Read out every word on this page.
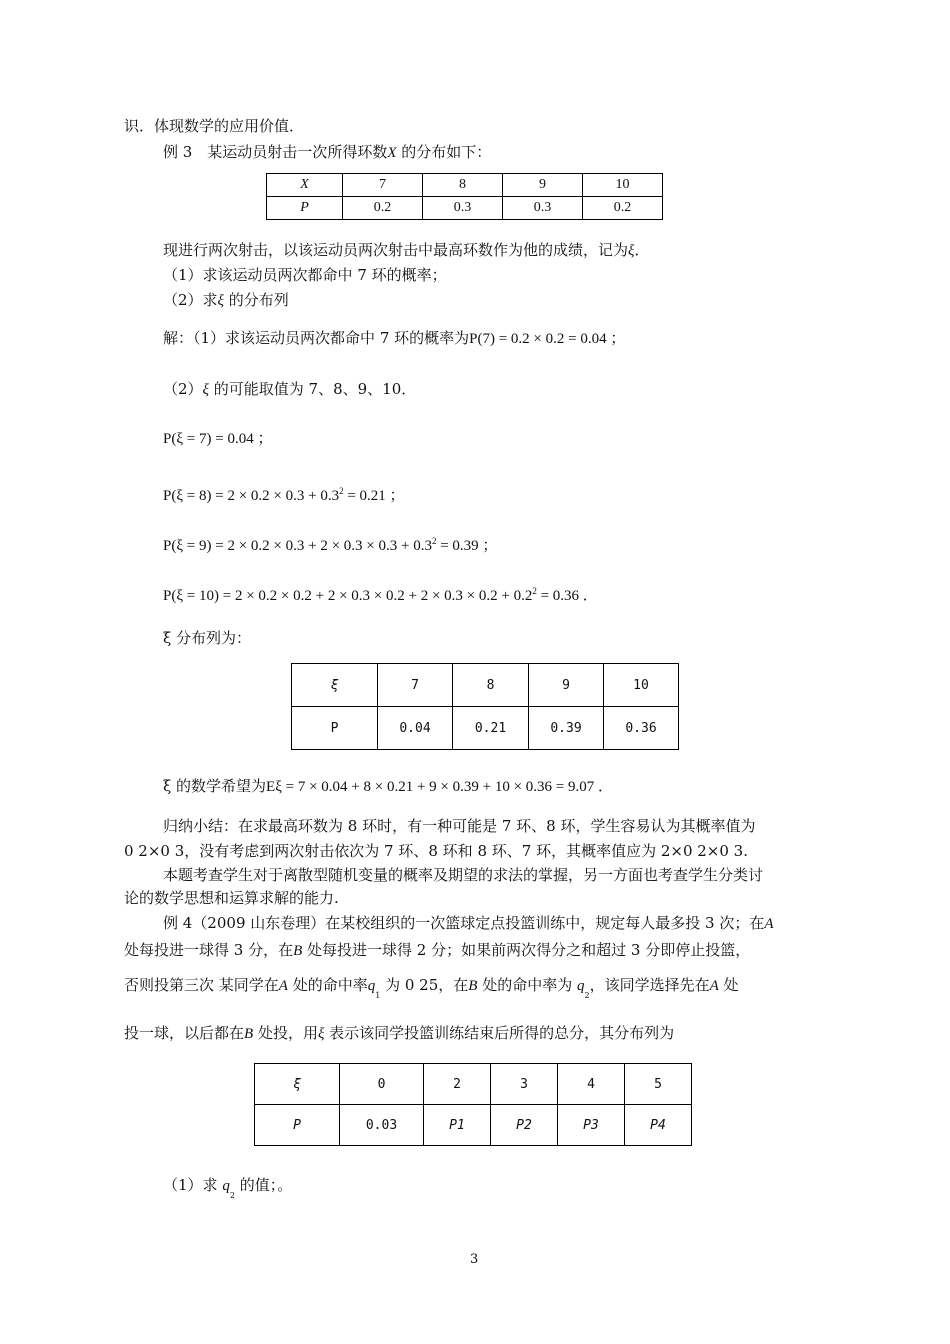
识．体现数学的应用价值．
例 3　某运动员射击一次所得环数X 的分布如下：
X	7	8	9	10
P	0.2	0.3	0.3	0.2
现进行两次射击，以该运动员两次射击中最高环数作为他的成绩，记为ξ．
（1）求该运动员两次都命中 7 环的概率；
（2）求ξ 的分布列
解：（1）求该运动员两次都命中 7 环的概率为P(7) = 0.2 × 0.2 = 0.04 ；
（2）ξ 的可能取值为 7、8、9、10．
P(ξ = 7) = 0.04 ；
$P(\xi = 8) = 2 \times 0.2 \times 0.3 + 0.3^2 = 0.21$ ；
$P(\xi = 9) = 2 \times 0.2 \times 0.3 + 2 \times 0.3 \times 0.3 + 0.3^2 = 0.39$ ；
$P(\xi = 10) = 2 \times 0.2 \times 0.2 + 2 \times 0.3 \times 0.2 + 2 \times 0.3 \times 0.2 + 0.2^2 = 0.36$ ．
ξ 分布列为：
ξ	7	8	9	10
P	0.04	0.21	0.39	0.36
ξ 的数学希望为Eξ = 7 × 0.04 + 8 × 0.21 + 9 × 0.39 + 10 × 0.36 = 9.07 ．
归纳小结：在求最高环数为 8 环时，有一种可能是 7 环、8 环，学生容易认为其概率值为
0 2×0 3，没有考虑到两次射击依次为 7 环、8 环和 8 环、7 环，其概率值应为 2×0 2×0 3.
本题考查学生对于离散型随机变量的概率及期望的求法的掌握，另一方面也考查学生分类讨
论的数学思想和运算求解的能力.
例 4（2009 山东卷理）在某校组织的一次篮球定点投篮训练中，规定每人最多投 3 次；在A
处每投进一球得 3 分，在B 处每投进一球得 2 分；如果前两次得分之和超过 3 分即停止投篮，
否则投第三次 某同学在A 处的命中率$q_1$ 为 0 25，在B 处的命中率为 $q_2$，该同学选择先在A 处
投一球，以后都在B 处投，用ξ 表示该同学投篮训练结束后所得的总分，其分布列为
ξ	0	2	3	4	5
P	0.03	P1	P2	P3	P4
（1）求 $q_2$ 的值；。
3
